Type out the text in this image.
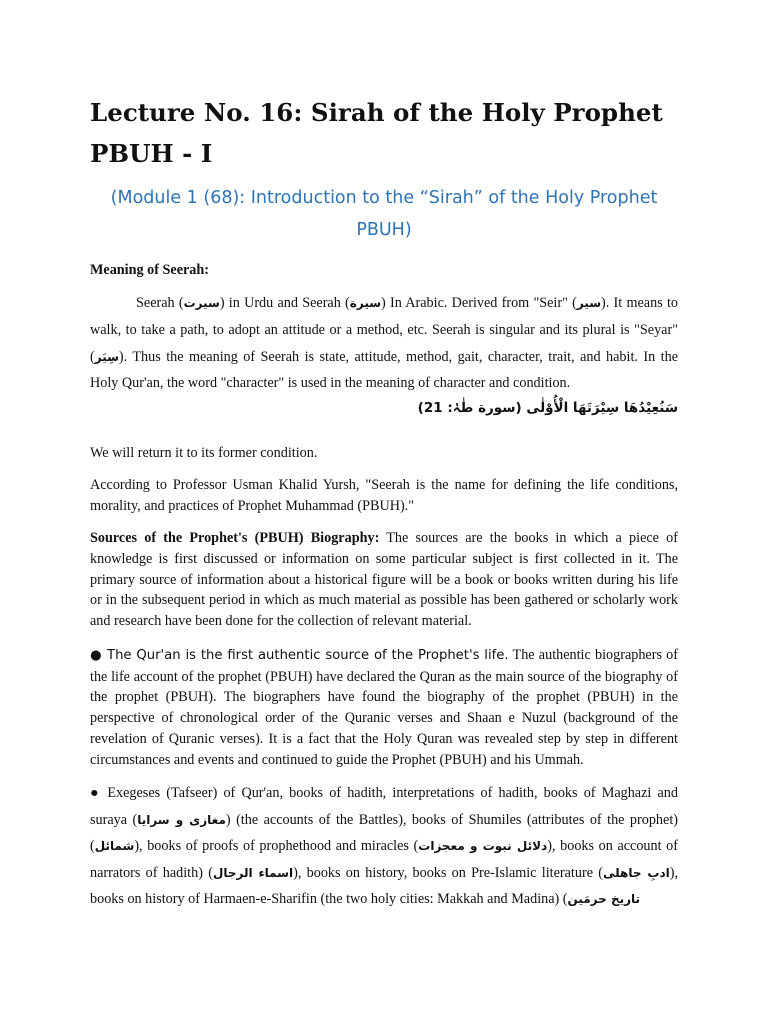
Lecture No. 16: Sirah of the Holy Prophet PBUH - I
(Module 1 (68): Introduction to the “Sirah” of the Holy Prophet PBUH)

Meaning of Seerah:

Seerah (سیرت) in Urdu and Seerah (سیرة) In Arabic. Derived from "Seir" (سیر). It means to walk, to take a path, to adopt an attitude or a method, etc. Seerah is singular and its plural is "Seyar" (سِیَر). Thus the meaning of Seerah is state, attitude, method, gait, character, trait, and habit. In the Holy Qur'an, the word "character" is used in the meaning of character and condition.

سَنُعِيْدُهَا سِيْرَتَهَا الْأُوْلٰى (سورة طٰہٰ: 21)

We will return it to its former condition.

According to Professor Usman Khalid Yursh, "Seerah is the name for defining the life conditions, morality, and practices of Prophet Muhammad (PBUH)."

Sources of the Prophet's (PBUH) Biography: The sources are the books in which a piece of knowledge is first discussed or information on some particular subject is first collected in it. The primary source of information about a historical figure will be a book or books written during his life or in the subsequent period in which as much material as possible has been gathered or scholarly work and research have been done for the collection of relevant material.

● The Qur'an is the first authentic source of the Prophet's life. The authentic biographers of the life account of the prophet (PBUH) have declared the Quran as the main source of the biography of the prophet (PBUH). The biographers have found the biography of the prophet (PBUH) in the perspective of chronological order of the Quranic verses and Shaan e Nuzul (background of the revelation of Quranic verses). It is a fact that the Holy Quran was revealed step by step in different circumstances and events and continued to guide the Prophet (PBUH) and his Ummah.

● Exegeses (Tafseer) of Qur'an, books of hadith, interpretations of hadith, books of Maghazi and suraya (مغازی و سرایا) (the accounts of the Battles), books of Shumiles (attributes of the prophet) (شمائل), books of proofs of prophethood and miracles (دلائل نبوت و معجزات), books on account of narrators of hadith) (اسماء الرجال), books on history, books on Pre-Islamic literature (ادبِ جاهلی), books on history of Harmaen-e-Sharifin (the two holy cities: Makkah and Madina) (تاریخ حرمَین
